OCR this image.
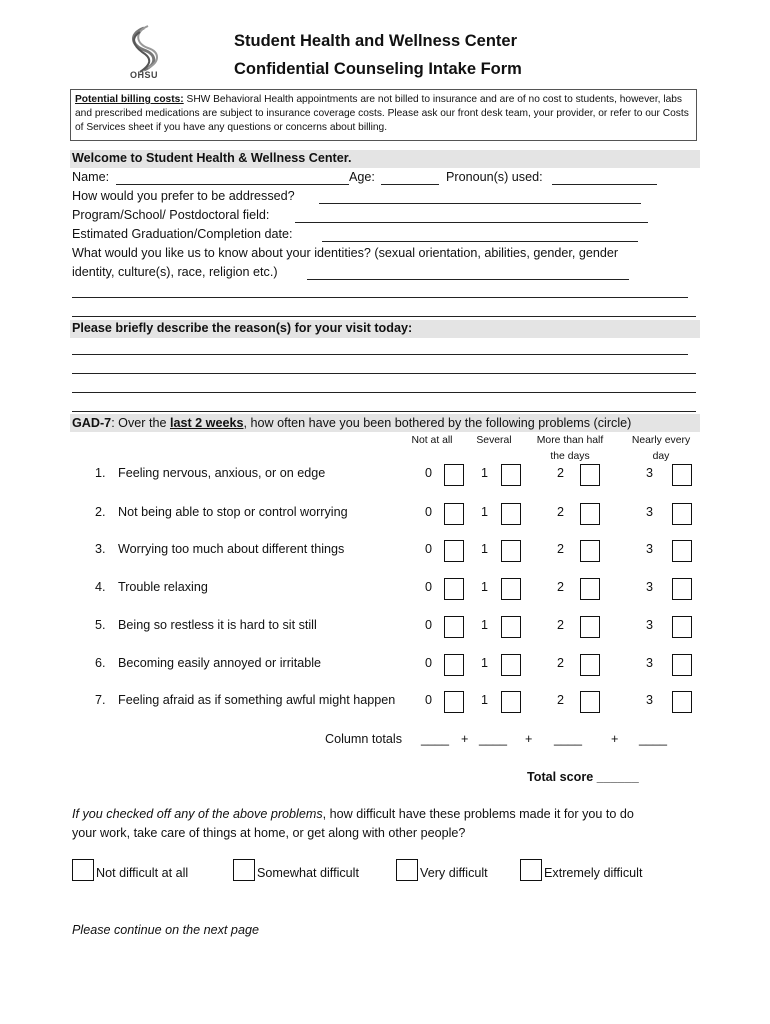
OHSU
Student Health and Wellness Center
Confidential Counseling Intake Form
Potential billing costs: SHW Behavioral Health appointments are not billed to insurance and are of no cost to students, however, labs and prescribed medications are subject to insurance coverage costs. Please ask our front desk team, your provider, or refer to our Costs of Services sheet if you have any questions or concerns about billing.
Welcome to Student Health & Wellness Center.
Name:	Age:	Pronoun(s) used:
How would you prefer to be addressed?
Program/School/ Postdoctoral field:
Estimated Graduation/Completion date:
What would you like us to know about your identities? (sexual orientation, abilities, gender, gender
identity, culture(s), race, religion etc.)
Please briefly describe the reason(s) for your visit today:
GAD-7: Over the last 2 weeks, how often have you been bothered by the following problems (circle)
Not at all	Several	More than half
the days
Nearly every
day
1. Feeling nervous, anxious, or on edge	0	1	2	3
2. Not being able to stop or control worrying	0	1	2	3
3. Worrying too much about different things	0	1	2	3
4. Trouble relaxing	0	1	2	3
5. Being so restless it is hard to sit still	0	1	2	3
6. Becoming easily annoyed or irritable	0	1	2	3
7. Feeling afraid as if something awful might happen 0	1	2	3
Column totals ____ + ____ + ____ + ____
Total score ______
If you checked off any of the above problems, how difficult have these problems made it for you to do
your work, take care of things at home, or get along with other people?
Not difficult at all	Somewhat difficult	Very difficult	Extremely difficult
Please continue on the next page
